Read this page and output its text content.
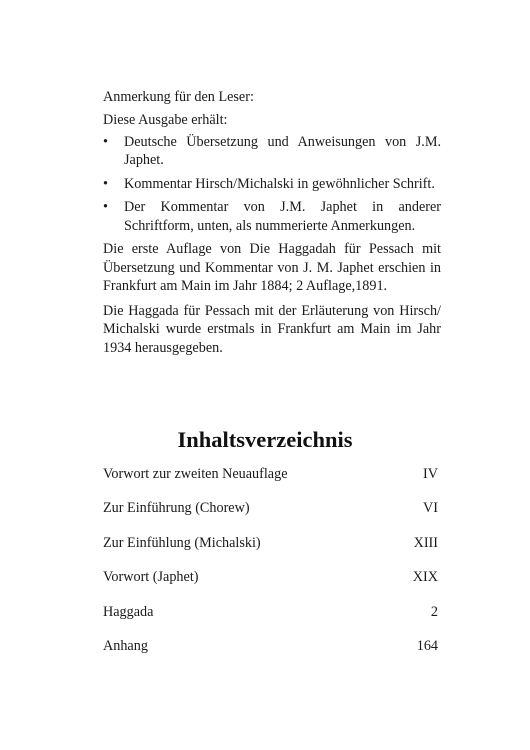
Anmerkung für den Leser:

Diese Ausgabe erhält:

• Deutsche Übersetzung und Anweisungen von J.M. Japhet.
• Kommentar Hirsch/Michalski in gewöhnlicher Schrift.
• Der Kommentar von J.M. Japhet in anderer Schriftform, unten, als nummerierte Anmerkungen.

Die erste Auflage von Die Haggadah für Pessach mit Übersetzung und Kommentar von J. M. Japhet erschien in Frankfurt am Main im Jahr 1884; 2 Auflage,1891.

Die Haggada für Pessach mit der Erläuterung von Hirsch/ Michalski wurde erstmals in Frankfurt am Main im Jahr 1934 herausgegeben.

Inhaltsverzeichnis
Vorwort zur zweiten Neuauflage	IV
Zur Einführung (Chorew)	VI
Zur Einfühlung (Michalski)	XIII
Vorwort (Japhet)	XIX
Haggada	2
Anhang	164
